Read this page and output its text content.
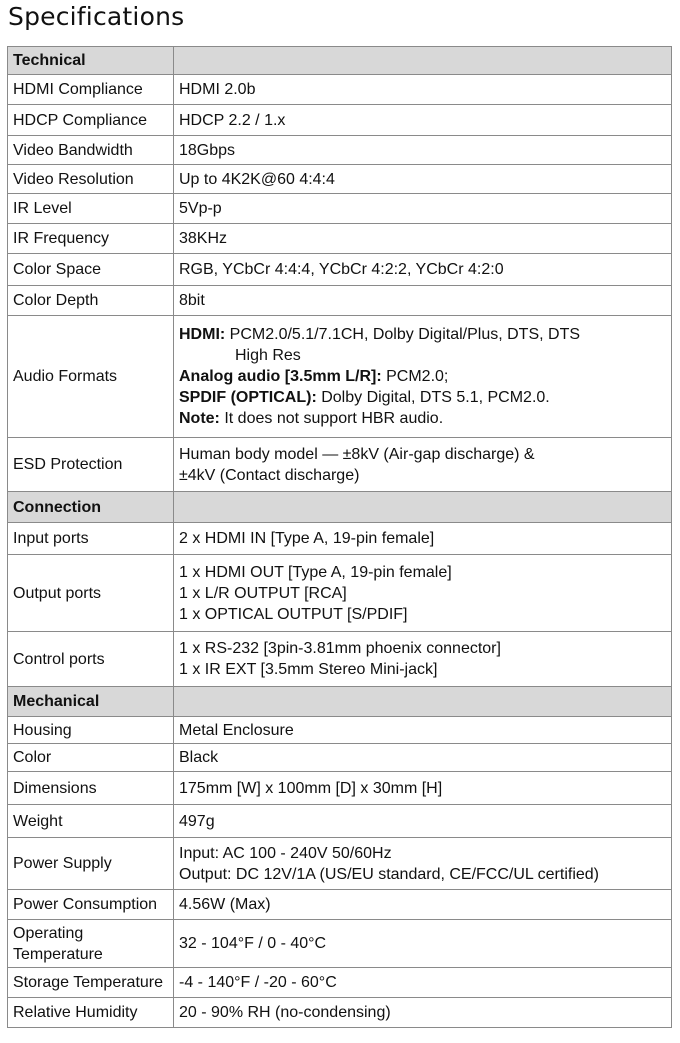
Specifications
Technical	
HDMI Compliance	HDMI 2.0b
HDCP Compliance	HDCP 2.2 / 1.x
Video Bandwidth	18Gbps
Video Resolution	Up to 4K2K@60 4:4:4
IR Level	5Vp-p
IR Frequency	38KHz
Color Space	RGB, YCbCr 4:4:4, YCbCr 4:2:2, YCbCr 4:2:0
Color Depth	8bit
Audio Formats	HDMI: PCM2.0/5.1/7.1CH, Dolby Digital/Plus, DTS, DTS
High Res
Analog audio [3.5mm L/R]: PCM2.0;
SPDIF (OPTICAL): Dolby Digital, DTS 5.1, PCM2.0.
Note: It does not support HBR audio.

ESD Protection	Human body model — ±8kV (Air-gap discharge) &
±4kV (Contact discharge)

Connection	
Input ports	2 x HDMI IN [Type A, 19-pin female]
Output ports	1 x HDMI OUT [Type A, 19-pin female]
1 x L/R OUTPUT [RCA]
1 x OPTICAL OUTPUT [S/PDIF]

Control ports	1 x RS-232 [3pin-3.81mm phoenix connector]
1 x IR EXT [3.5mm Stereo Mini-jack]

Mechanical	
Housing	Metal Enclosure
Color	Black
Dimensions	175mm [W] x 100mm [D] x 30mm [H]
Weight	497g
Power Supply	Input: AC 100 - 240V 50/60Hz
Output: DC 12V/1A (US/EU standard, CE/FCC/UL certified)

Power Consumption	4.56W (Max)

Operating
Temperature	32 - 104°F / 0 - 40°C
Storage Temperature	-4 - 140°F / -20 - 60°C
Relative Humidity	20 - 90% RH (no-condensing)
